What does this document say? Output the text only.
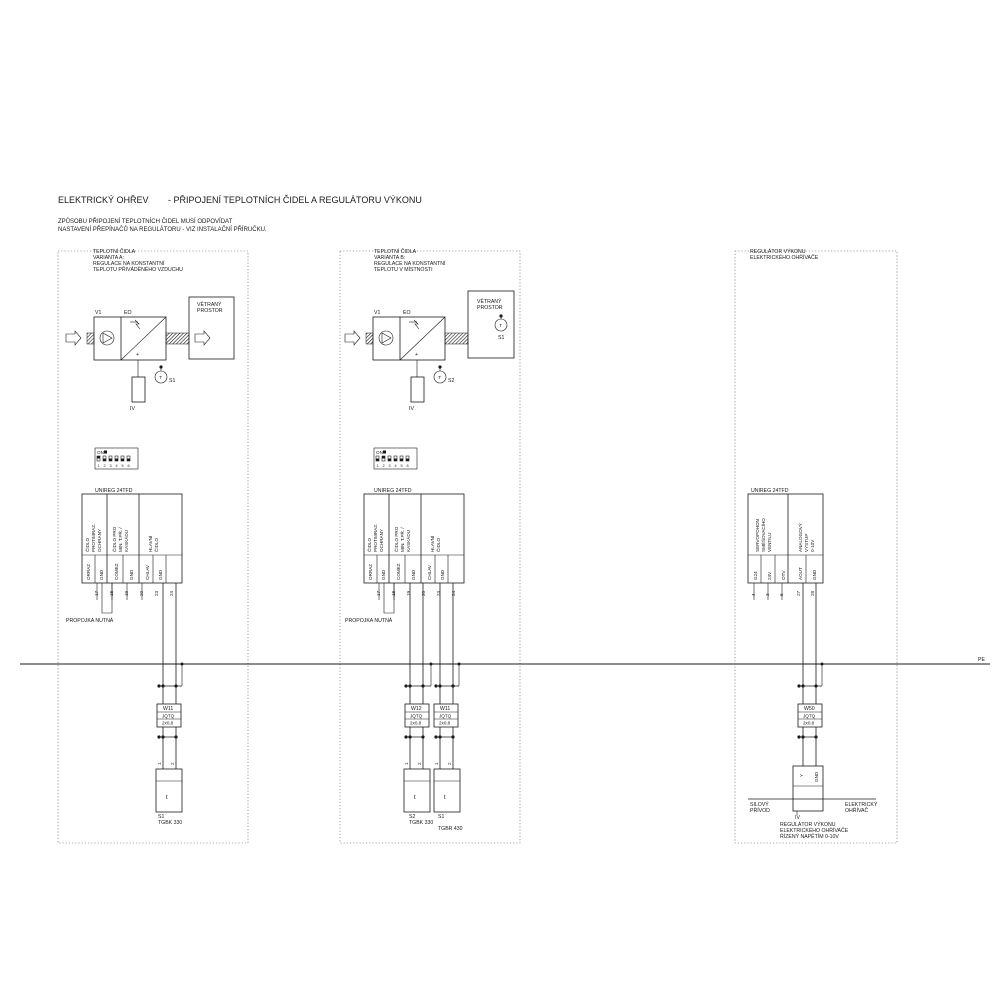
ELEKTRICKÝ OHŘEV - PŘIPOJENÍ TEPLOTNÍCH ČIDEL A REGULÁTORU VÝKONU
ZPŮSOBU PŘIPOJENÍ TEPLOTNÍCH ČIDEL MUSÍ ODPOVÍDAT
NASTAVENÍ PŘEPÍNAČŮ NA REGULÁTORU - VIZ INSTALAČNÍ PŘÍRUČKU.
PE
TEPLOTNÍ ČIDLA
VARIANTA A:
REGULACE NA KONSTANTNÍ
TEPLOTU PŘIVÁDĚNÉHO VZDUCHU
+
V1	EO
VĚTRANÝ
PROSTOR
IV
T
S1
ON
1 2 3 4 5 6
UNIREG 24TFD
ČIDLO PROTIMRAZ. OCHRANY ČIDLO PRO MIN. T.PŘ. / KASKÁDU	HLAVNÍ ČIDLO
ORRAZ GND COMEZ GND CHLAV GND
17 18 19 20 23 24
PROPOJKA NUTNÁ
W11
JQTQ
2x0,8
1 2
t
S1
TGBK 330
TEPLOTNÍ ČIDLA
VARIANTA B:
REGULACE NA KONSTANTNÍ
TEPLOTU V MÍSTNOSTI
+
V1	EO
VĚTRANÝ
PROSTOR
T
S1
IV
T
S2
ON
1 2 3 4 5 6
UNIREG 24TFD
ČIDLO PROTIMRAZ. OCHRANY ČIDLO PRO MIN. T.PŘ. / KASKÁDU	HLAVNÍ ČIDLO
ORRAZ GND COMEZ GND CHLAV GND
17 18 19 20 23 24
PROPOJKA NUTNÁ
W12
JQTQ
2x0,8
W11
JQTQ
2x0,8
1 2	1 2
t	t
S2
TGBK 330
S1
TGBR 430
REGULÁTOR VÝKONU
ELEKTRICKÉHO OHŘÍVAČE
UNIREG 24TFD
SERVOPOHON SMĚŠOVACÍHO VENTILU	ANALOGOVÝ VÝSTUP 0-10V
G24 24V OTV	AOUT GND
4 3 6	27 28
W50
JQTQ
2x0,8
Y GND
IV
SILOVÝ
PŘÍVOD
ELEKTRICKÝ
OHŘÍVAČ
REGULÁTOR VÝKONU
ELEKTRICKÉHO OHŘÍVAČE
ŘÍZENÝ NAPĚTÍM 0-10V
